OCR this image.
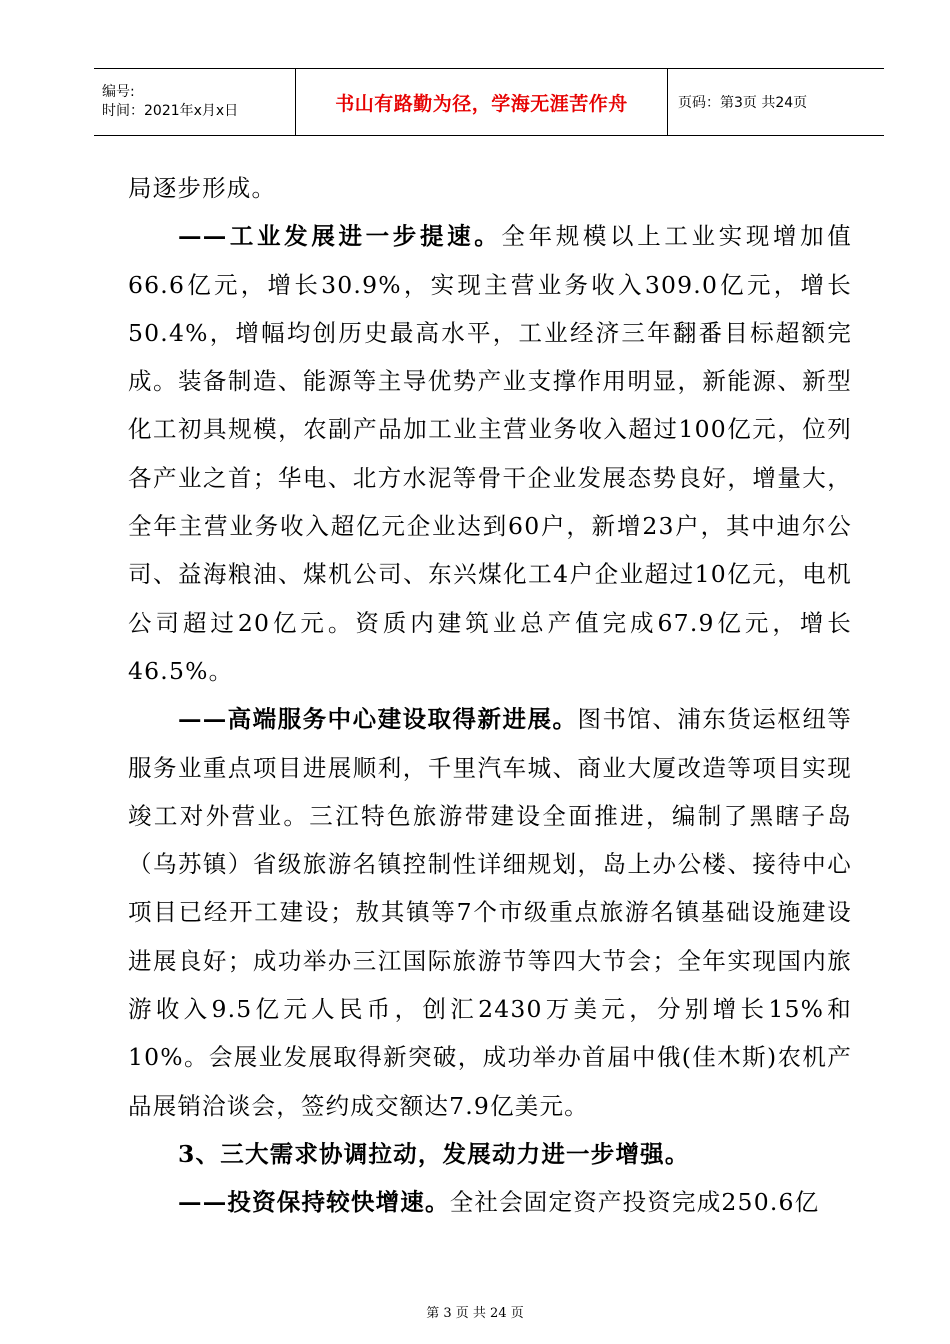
编号:
时间：2021年x月x日	书山有路勤为径，学海无涯苦作舟	页码：第3页 共24页

局逐步形成。

——工业发展进一步提速。全年规模以上工业实现增加值66.6亿元，增长30.9%，实现主营业务收入309.0亿元，增长50.4%，增幅均创历史最高水平，工业经济三年翻番目标超额完成。装备制造、能源等主导优势产业支撑作用明显，新能源、新型化工初具规模，农副产品加工业主营业务收入超过100亿元，位列各产业之首；华电、北方水泥等骨干企业发展态势良好，增量大，全年主营业务收入超亿元企业达到60户，新增23户，其中迪尔公司、益海粮油、煤机公司、东兴煤化工4户企业超过10亿元，电机公司超过20亿元。资质内建筑业总产值完成67.9亿元，增长46.5%。

——高端服务中心建设取得新进展。图书馆、浦东货运枢纽等服务业重点项目进展顺利，千里汽车城、商业大厦改造等项目实现竣工对外营业。三江特色旅游带建设全面推进，编制了黑瞎子岛（乌苏镇）省级旅游名镇控制性详细规划，岛上办公楼、接待中心项目已经开工建设；敖其镇等7个市级重点旅游名镇基础设施建设进展良好；成功举办三江国际旅游节等四大节会；全年实现国内旅游收入9.5亿元人民币，创汇2430万美元，分别增长15%和10%。会展业发展取得新突破，成功举办首届中俄(佳木斯)农机产品展销洽谈会，签约成交额达7.9亿美元。

3、三大需求协调拉动，发展动力进一步增强。

——投资保持较快增速。全社会固定资产投资完成250.6亿

第 3 页 共 24 页
